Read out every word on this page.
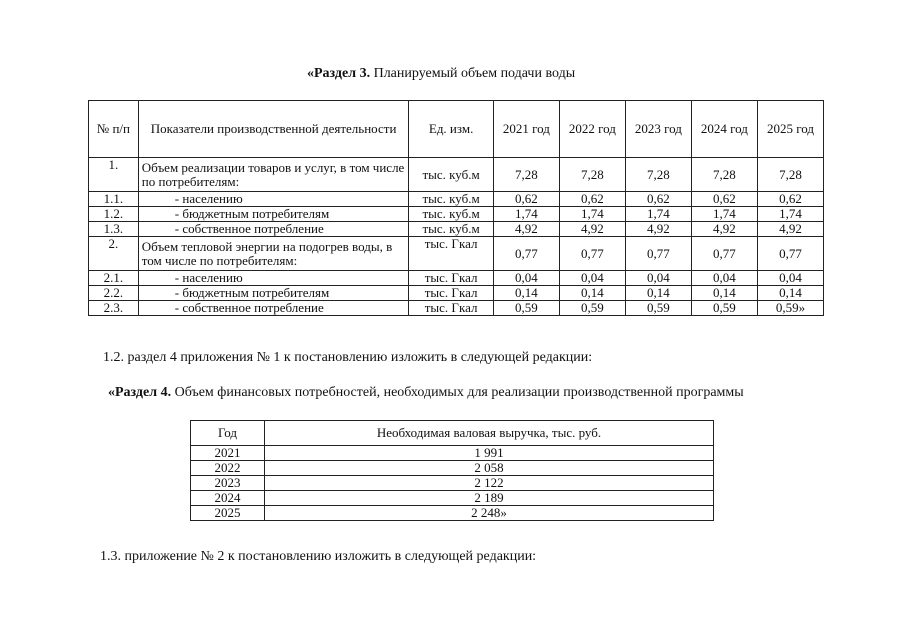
«Раздел 3. Планируемый объем подачи воды
№ п/п	Показатели производственной деятельности	Ед. изм.	2021 год	2022 год	2023 год	2024 год	2025 год
1.	Объем реализации товаров и услуг, в том числе по потребителям:	тыс. куб.м	7,28	7,28	7,28	7,28	7,28
1.1.	- населению	тыс. куб.м	0,62	0,62	0,62	0,62	0,62
1.2.	- бюджетным потребителям	тыс. куб.м	1,74	1,74	1,74	1,74	1,74
1.3.	- собственное потребление	тыс. куб.м	4,92	4,92	4,92	4,92	4,92
2.	Объем тепловой энергии на подогрев воды, в том числе по потребителям:	тыс. Гкал	0,77	0,77	0,77	0,77	0,77
2.1.	- населению	тыс. Гкал	0,04	0,04	0,04	0,04	0,04
2.2.	- бюджетным потребителям	тыс. Гкал	0,14	0,14	0,14	0,14	0,14
2.3.	- собственное потребление	тыс. Гкал	0,59	0,59	0,59	0,59	0,59»
1.2. раздел 4 приложения № 1 к постановлению изложить в следующей редакции:
«Раздел 4. Объем финансовых потребностей, необходимых для реализации производственной программы
Год	Необходимая валовая выручка, тыс. руб.
2021	1 991
2022	2 058
2023	2 122
2024	2 189
2025	2 248»
1.3. приложение № 2 к постановлению изложить в следующей редакции:
